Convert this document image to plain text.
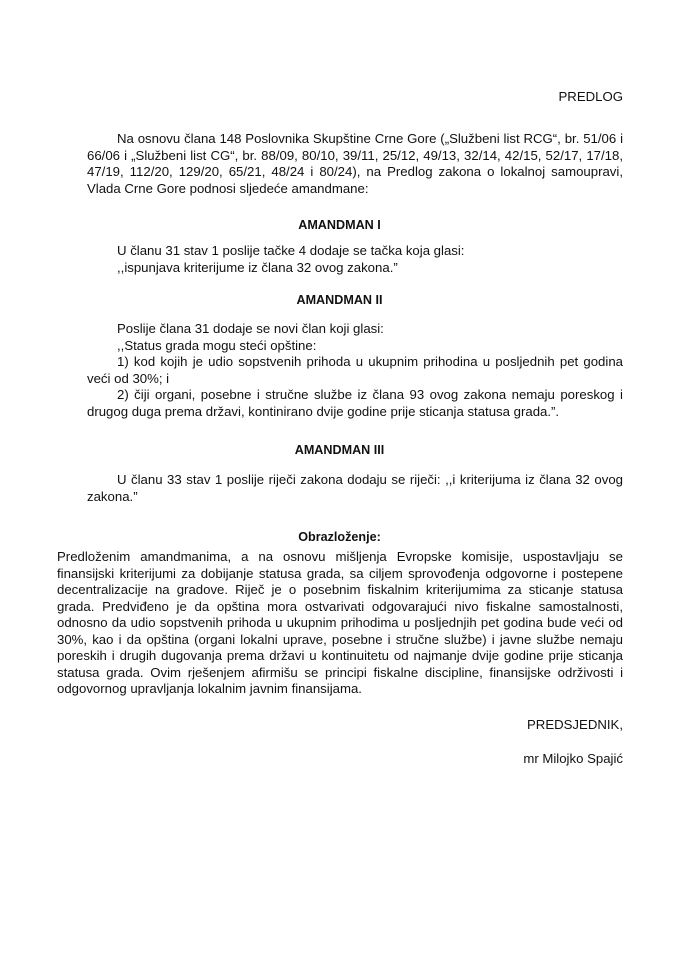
PREDLOG
Na osnovu člana 148 Poslovnika Skupštine Crne Gore („Službeni list RCG“, br. 51/06 i 66/06 i „Službeni list CG“, br. 88/09, 80/10, 39/11, 25/12, 49/13, 32/14, 42/15, 52/17, 17/18, 47/19, 112/20, 129/20, 65/21, 48/24 i 80/24), na Predlog zakona o lokalnoj samoupravi, Vlada Crne Gore podnosi sljedeće amandmane:
AMANDMAN I
U članu 31 stav 1 poslije tačke 4 dodaje se tačka koja glasi:
,,ispunjava kriterijume iz člana 32 ovog zakona.”
AMANDMAN II
Poslije člana 31 dodaje se novi član koji glasi:
,,Status grada mogu steći opštine:
1) kod kojih je udio sopstvenih prihoda u ukupnim prihodina u posljednih pet godina veći od 30%; i
2) čiji organi, posebne i stručne službe iz člana 93 ovog zakona nemaju poreskog i drugog duga prema državi, kontinirano dvije godine prije sticanja statusa grada.”.
AMANDMAN III
U članu 33 stav 1 poslije riječi zakona dodaju se riječi: ,,i kriterijuma iz člana 32 ovog zakona.”
Obrazloženje:
Predloženim amandmanima, a na osnovu mišljenja Evropske komisije, uspostavljaju se finansijski kriterijumi za dobijanje statusa grada, sa ciljem sprovođenja odgovorne i postepene decentralizacije na gradove. Riječ je o posebnim fiskalnim kriterijumima za sticanje statusa grada. Predviđeno je da opština mora ostvarivati odgovarajući nivo fiskalne samostalnosti, odnosno da udio sopstvenih prihoda u ukupnim prihodima u posljednjih pet godina bude veći od 30%, kao i da opština (organi lokalni uprave, posebne i stručne službe) i javne službe nemaju poreskih i drugih dugovanja prema državi u kontinuitetu od najmanje dvije godine prije sticanja statusa grada. Ovim rješenjem afirmišu se principi fiskalne discipline, finansijske održivosti i odgovornog upravljanja lokalnim javnim finansijama.
PREDSJEDNIK,
mr Milojko Spajić
